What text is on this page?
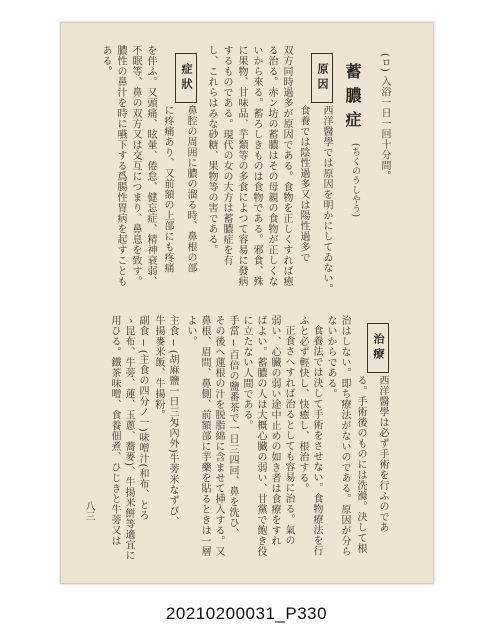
(ロ) 入浴一日一回十分間。
蓄膿症
(ちくのうしやう)
原因
西洋醫學では原因を明かにしてゐない。
食養では陰性過多又は陽性過多で
双方同時過多が原因である。食物を正しくすれば癒
る治る。赤ン坊の蓄膿はその母親の食物が正しくな
いから來る。蓄ろしきものは食物である。邪食、殊
に果物、甘味品、芋類等の多食によつて容易に發病
するものである。現代の女の大方は蓄膿症を有
し、これらはみな砂糖、果物等の害である。
症狀
鼻腔の周囲に膿の溜る時、鼻根の部
に疼痛あり、又前額の上部にも疼痛
を伴ふ。又頭痛、眩暈、倦怠、健忘症、精神衰弱、
不眠等、鼻の双方又は交互につまり、鼻息を致す。
膿性の鼻汁を時に嚥下する爲腸性胃病を起すことも
ある。
治療
西洋醫學は必ず手術を行ふのであ
る。手術後のものには洗滌。決して根
治はしない。即ち療法がないのである。原因が分ら
ないからである。
食養法では決して手術をさせない。食物療法を行
ふと必ず輕快し、快癒し、根治する。
正食さへすれば治るとしても容易に治る。氣の
弱い、心臓の弱い途中止めの如き者は食療をすれ
ばよい。蓄膿の人は大概心臓の弱い、甘黨で飽き役
に立たない人間である。
手當 ─ 百倍の鹽番茶で一日三四回、鼻を洗ひ、
その後へ蓮根の汁を脱脂綿に含ませて挿入する。又
鼻根、眉間、鼻側、前額部に芋藥を貼るときは一層
よい。
主食 ─ (胡麻鹽一日三匁內外)牛蒡米なずび、
牛揚麥米飯、牛揚粉。
副食 ─ (主食の四分ノ一)味噌汁(和布、とろ
ゝ昆布、牛蒡、蓮、玉蔥、蕎麥)、牛揚米餅等適宜に
用ひる。鐵茶味噌、食養佃煮、ひじきと牛蒡又は
八三
20210200031_P330
